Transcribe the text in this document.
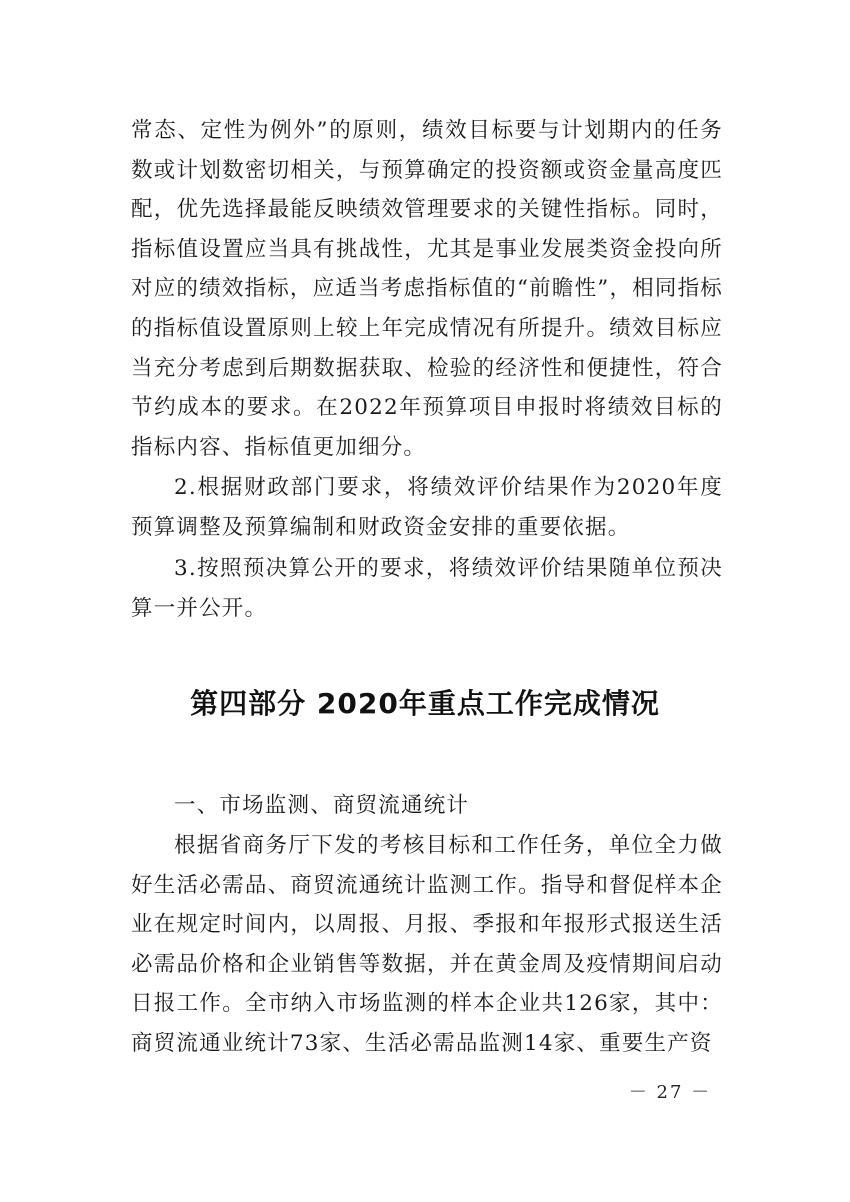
常态、定性为例外”的原则，绩效目标要与计划期内的任务数或计划数密切相关，与预算确定的投资额或资金量高度匹配，优先选择最能反映绩效管理要求的关键性指标。同时，指标值设置应当具有挑战性，尤其是事业发展类资金投向所对应的绩效指标，应适当考虑指标值的“前瞻性”，相同指标的指标值设置原则上较上年完成情况有所提升。绩效目标应当充分考虑到后期数据获取、检验的经济性和便捷性，符合节约成本的要求。在2022年预算项目申报时将绩效目标的指标内容、指标值更加细分。

2.根据财政部门要求，将绩效评价结果作为2020年度预算调整及预算编制和财政资金安排的重要依据。

3.按照预决算公开的要求，将绩效评价结果随单位预决算一并公开。

第四部分 2020年重点工作完成情况

一、市场监测、商贸流通统计

根据省商务厅下发的考核目标和工作任务，单位全力做好生活必需品、商贸流通统计监测工作。指导和督促样本企业在规定时间内，以周报、月报、季报和年报形式报送生活必需品价格和企业销售等数据，并在黄金周及疫情期间启动日报工作。全市纳入市场监测的样本企业共126家，其中：商贸流通业统计73家、生活必需品监测14家、重要生产资

－ 27 －
